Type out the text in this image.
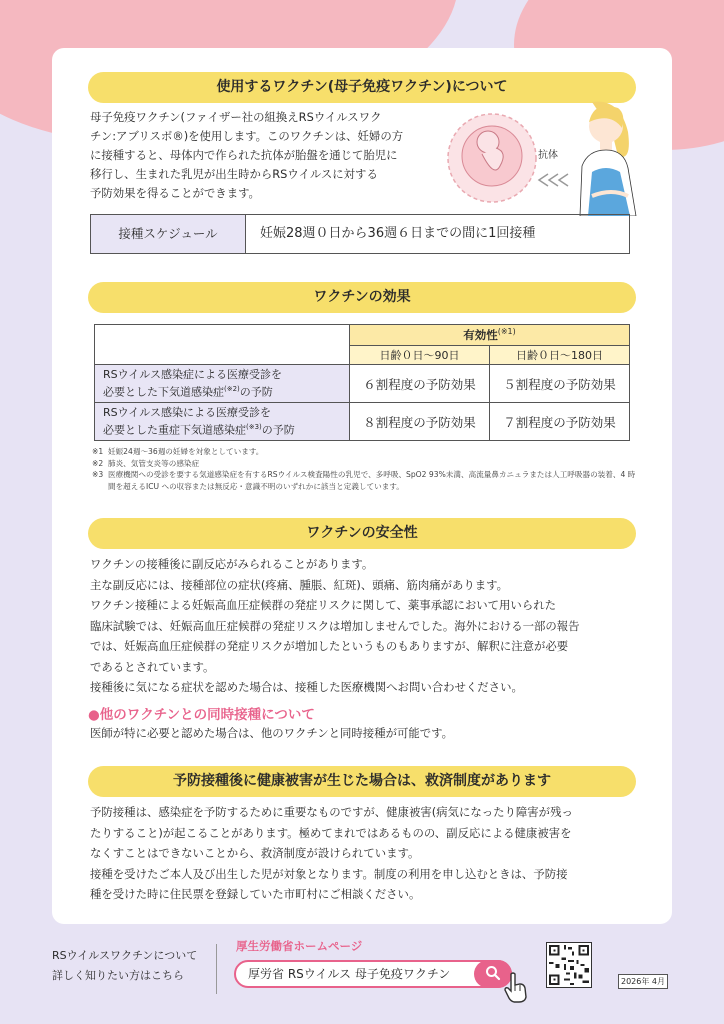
使用するワクチン(母子免疫ワクチン)について
母子免疫ワクチン(ファイザー社の組換えRSウイルスワク
チン:アブリスボ®)を使用します。このワクチンは、妊婦の方
に接種すると、母体内で作られた抗体が胎盤を通じて胎児に
移行し、生まれた乳児が出生時からRSウイルスに対する
予防効果を得ることができます。
抗体
接種スケジュール	妊娠28週０日から36週６日までの間に1回接種
ワクチンの効果
	有効性$^{(※1)}$
	日齢０日～90日	日齢０日～180日

RSウイルス感染症による医療受診を
必要とした下気道感染症$^{(※2)}$の予防	６割程度の予防効果	５割程度の予防効果

RSウイルス感染による医療受診を
必要とした重症下気道感染症$^{(※3)}$の予防	８割程度の予防効果	７割程度の予防効果
※1 妊娠24週～36週の妊婦を対象としています。
※2 肺炎、気管支炎等の感染症
※3 医療機関への受診を要する気道感染症を有するRSウイルス検査陽性の乳児で、多呼吸、SpO2 93%未満、高流量鼻カニュラまたは人工呼吸器の装着、4 時間を超えるICU への収容または無反応・意識不明のいずれかに該当と定義しています。
ワクチンの安全性
ワクチンの接種後に副反応がみられることがあります。
主な副反応には、接種部位の症状(疼痛、腫脹、紅斑)、頭痛、筋肉痛があります。
ワクチン接種による妊娠高血圧症候群の発症リスクに関して、薬事承認において用いられた
臨床試験では、妊娠高血圧症候群の発症リスクは増加しませんでした。海外における一部の報告
では、妊娠高血圧症候群の発症リスクが増加したというものもありますが、解釈に注意が必要
であるとされています。
接種後に気になる症状を認めた場合は、接種した医療機関へお問い合わせください。
●他のワクチンとの同時接種について
医師が特に必要と認めた場合は、他のワクチンと同時接種が可能です。
予防接種後に健康被害が生じた場合は、救済制度があります
予防接種は、感染症を予防するために重要なものですが、健康被害(病気になったり障害が残っ
たりすること)が起こることがあります。極めてまれではあるものの、副反応による健康被害を
なくすことはできないことから、救済制度が設けられています。
接種を受けたご本人及び出生した児が対象となります。制度の利用を申し込むときは、予防接
種を受けた時に住民票を登録していた市町村にご相談ください。
RSウイルスワクチンについて
詳しく知りたい方はこちら
厚生労働省ホームページ
厚労省 RSウイルス 母子免疫ワクチン
2026年 4月
